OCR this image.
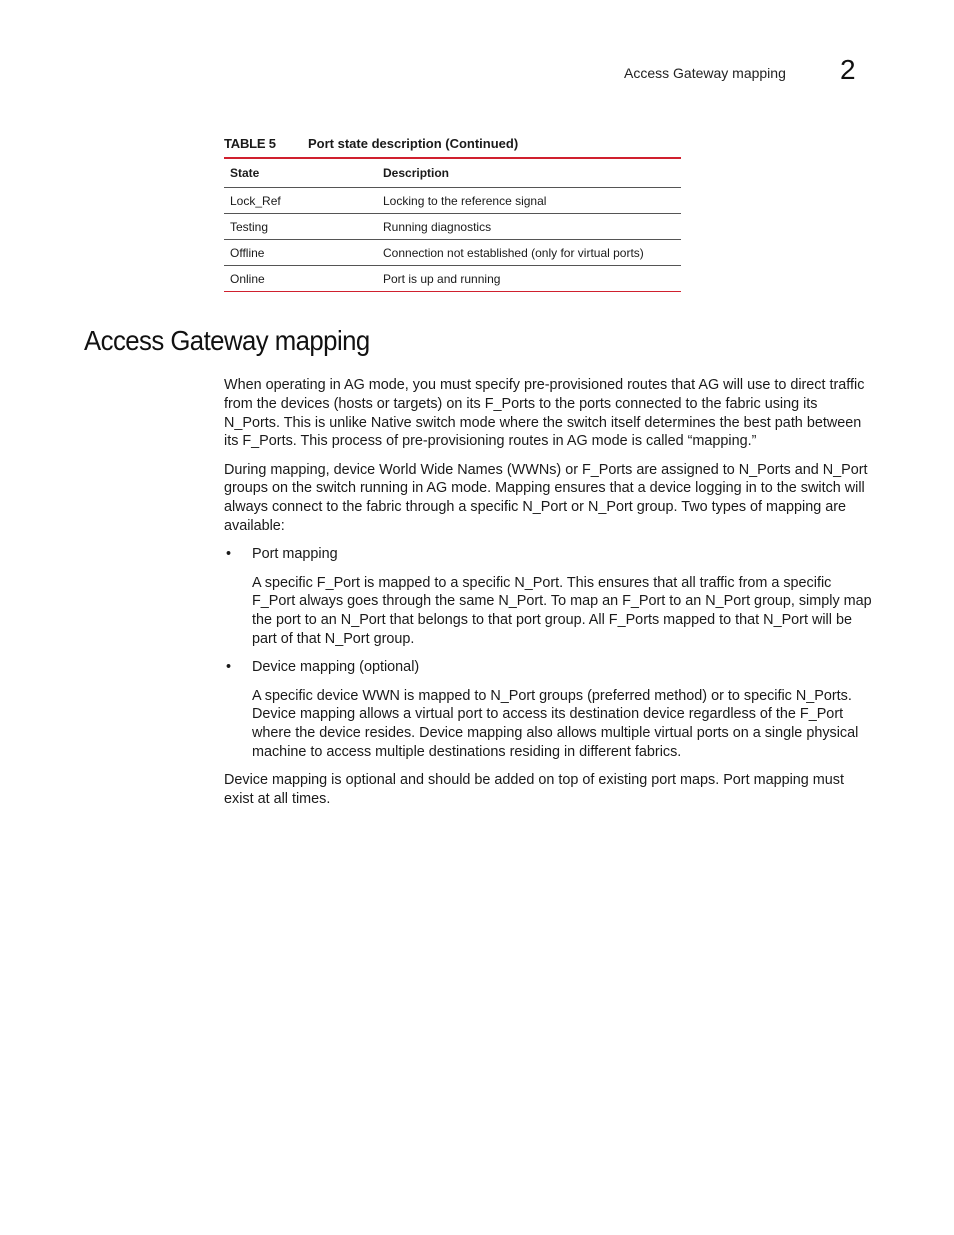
Access Gateway mapping 2
TABLE 5 Port state description (Continued)
State	Description
Lock_Ref	Locking to the reference signal
Testing	Running diagnostics
Offline	Connection not established (only for virtual ports)
Online	Port is up and running
Access Gateway mapping

When operating in AG mode, you must specify pre-provisioned routes that AG will use to direct traffic from the devices (hosts or targets) on its F_Ports to the ports connected to the fabric using its N_Ports. This is unlike Native switch mode where the switch itself determines the best path between its F_Ports. This process of pre-provisioning routes in AG mode is called “mapping.”

During mapping, device World Wide Names (WWNs) or F_Ports are assigned to N_Ports and N_Port groups on the switch running in AG mode. Mapping ensures that a device logging in to the switch will always connect to the fabric through a specific N_Port or N_Port group. Two types of mapping are available:

• Port mapping

A specific F_Port is mapped to a specific N_Port. This ensures that all traffic from a specific F_Port always goes through the same N_Port. To map an F_Port to an N_Port group, simply map the port to an N_Port that belongs to that port group. All F_Ports mapped to that N_Port will be part of that N_Port group.

• Device mapping (optional)

A specific device WWN is mapped to N_Port groups (preferred method) or to specific N_Ports. Device mapping allows a virtual port to access its destination device regardless of the F_Port where the device resides. Device mapping also allows multiple virtual ports on a single physical machine to access multiple destinations residing in different fabrics.

Device mapping is optional and should be added on top of existing port maps. Port mapping must exist at all times.
